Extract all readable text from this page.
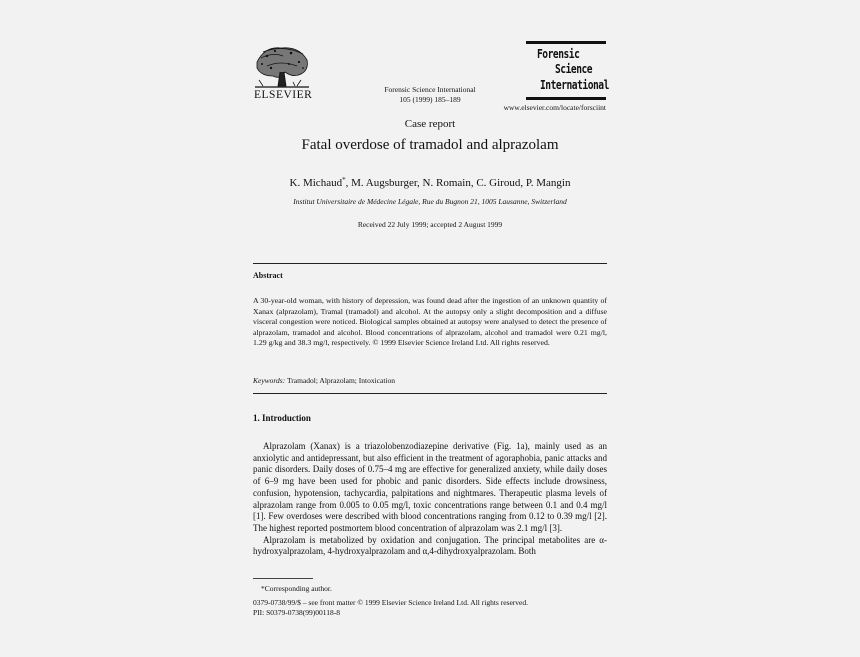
ELSEVIER	Forensic Science International
105 (1999) 185–189
Forensic
Science
International
www.elsevier.com/locate/forsciint
Case report
Fatal overdose of tramadol and alprazolam
K. Michaud*, M. Augsburger, N. Romain, C. Giroud, P. Mangin
Institut Universitaire de Médecine Légale, Rue du Bugnon 21, 1005 Lausanne, Switzerland
Received 22 July 1999; accepted 2 August 1999
Abstract
A 30-year-old woman, with history of depression, was found dead after the ingestion of an unknown quantity of Xanax (alprazolam), Tramal (tramadol) and alcohol. At the autopsy only a slight decomposition and a diffuse visceral congestion were noticed. Biological samples obtained at autopsy were analysed to detect the presence of alprazolam, tramadol and alcohol. Blood concentrations of alprazolam, alcohol and tramadol were 0.21 mg/l, 1.29 g/kg and 38.3 mg/l, respectively. © 1999 Elsevier Science Ireland Ltd. All rights reserved.
Keywords: Tramadol; Alprazolam; Intoxication
1. Introduction

Alprazolam (Xanax) is a triazolobenzodiazepine derivative (Fig. 1a), mainly used as an anxiolytic and antidepressant, but also efficient in the treatment of agoraphobia, panic attacks and panic disorders. Daily doses of 0.75–4 mg are effective for generalized anxiety, while daily doses of 6–9 mg have been used for phobic and panic disorders. Side effects include drowsiness, confusion, hypotension, tachycardia, palpitations and nightmares. Therapeutic plasma levels of alprazolam range from 0.005 to 0.05 mg/l, toxic concentrations range between 0.1 and 0.4 mg/l [1]. Few overdoses were described with blood concentrations ranging from 0.12 to 0.39 mg/l [2]. The highest reported postmortem blood concentration of alprazolam was 2.1 mg/l [3].

Alprazolam is metabolized by oxidation and conjugation. The principal metabolites are α-hydroxyalprazolam, 4-hydroxyalprazolam and α,4-dihydroxyalprazolam. Both

*Corresponding author.
0379-0738/99/$ – see front matter © 1999 Elsevier Science Ireland Ltd. All rights reserved.
PII: S0379-0738(99)00118-8
